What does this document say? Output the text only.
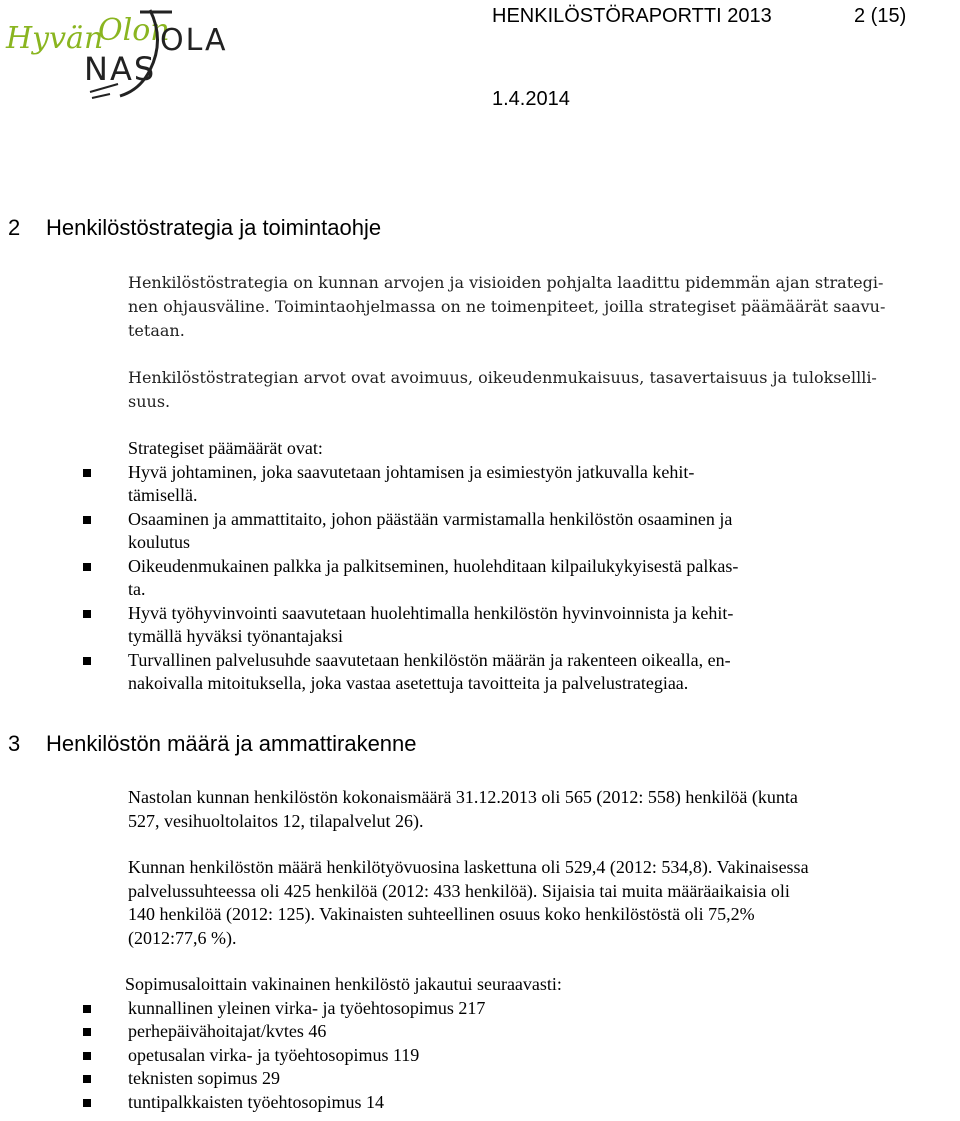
Hyvän
Olon
NAS
OLA
HENKILÖSTÖRAPORTTI 2013	2 (15)
1.4.2014
2 Henkilöstöstrategia ja toimintaohje
Henkilöstöstrategia on kunnan arvojen ja visioiden pohjalta laadittu pidemmän ajan strategi-
nen ohjausväline. Toimintaohjelmassa on ne toimenpiteet, joilla strategiset päämäärät saavu-
tetaan.
Henkilöstöstrategian arvot ovat avoimuus, oikeudenmukaisuus, tasavertaisuus ja tuloksellli-
suus.
Strategiset päämäärät ovat:
Hyvä johtaminen, joka saavutetaan johtamisen ja esimiestyön jatkuvalla kehit-
tämisellä.
Osaaminen ja ammattitaito, johon päästään varmistamalla henkilöstön osaaminen ja
koulutus
Oikeudenmukainen palkka ja palkitseminen, huolehditaan kilpailukykyisestä palkas-
ta.
Hyvä työhyvinvointi saavutetaan huolehtimalla henkilöstön hyvinvoinnista ja kehit-
tymällä hyväksi työnantajaksi
Turvallinen palvelusuhde saavutetaan henkilöstön määrän ja rakenteen oikealla, en-
nakoivalla mitoituksella, joka vastaa asetettuja tavoitteita ja palvelustrategiaa.
3 Henkilöstön määrä ja ammattirakenne
Nastolan kunnan henkilöstön kokonaismäärä 31.12.2013 oli 565 (2012: 558) henkilöä (kunta
527, vesihuoltolaitos 12, tilapalvelut 26).
Kunnan henkilöstön määrä henkilötyövuosina laskettuna oli 529,4 (2012: 534,8). Vakinaisessa
palvelussuhteessa oli 425 henkilöä (2012: 433 henkilöä). Sijaisia tai muita määräaikaisia oli
140 henkilöä (2012: 125). Vakinaisten suhteellinen osuus koko henkilöstöstä oli 75,2%
(2012:77,6 %).
Sopimusaloittain vakinainen henkilöstö jakautui seuraavasti:
kunnallinen yleinen virka- ja työehtosopimus 217
perhepäivähoitajat/kvtes 46
opetusalan virka- ja työehtosopimus 119
teknisten sopimus 29
tuntipalkkaisten työehtosopimus 14
